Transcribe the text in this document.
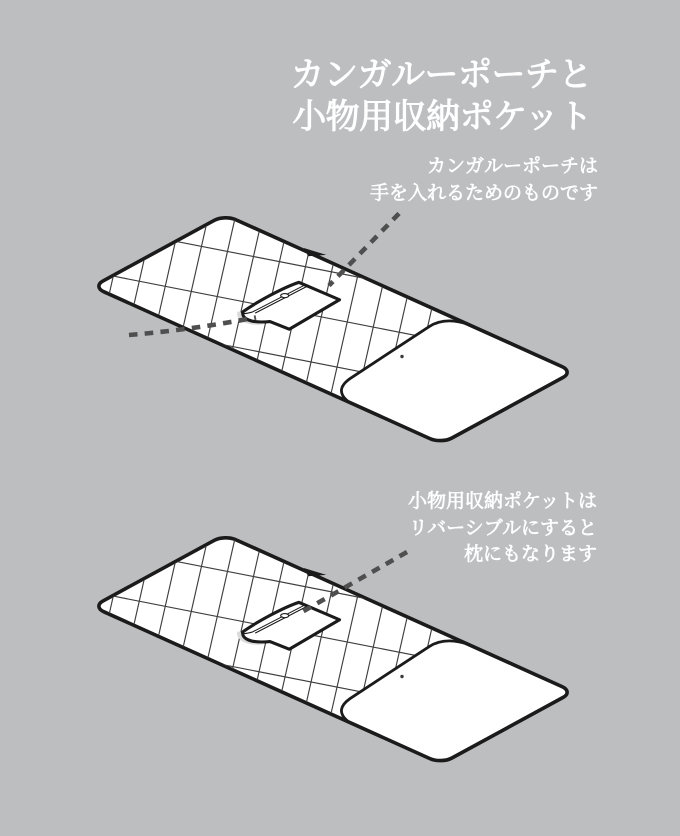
カンガルーポーチと
小物用収納ポケット
カンガルーポーチは
手を入れるためのものです
小物用収納ポケットは
リバーシブルにすると
枕にもなります
